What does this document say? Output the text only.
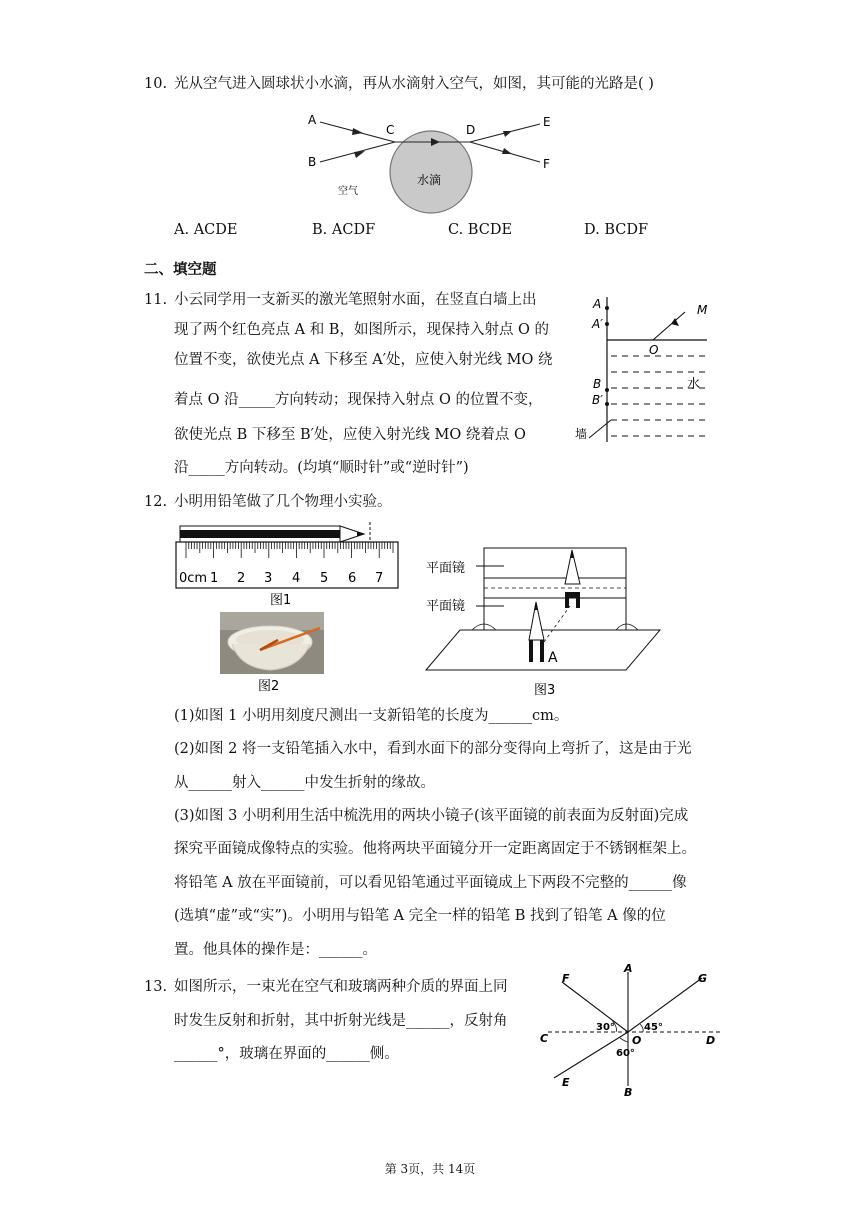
10. 光从空气进入圆球状小水滴，再从水滴射入空气，如图，其可能的光路是( )
A
B
C	D
E
F
空气
水滴
A. ACDE	B. ACDF	C. BCDE	D. BCDF
二、填空题
11. 小云同学用一支新买的激光笔照射水面，在竖直白墙上出
现了两个红色亮点 A 和 B，如图所示，现保持入射点 O 的
位置不变，欲使光点 A 下移至 A′处，应使入射光线 MO 绕
着点 O 沿_____方向转动；现保持入射点 O 的位置不变，
欲使光点 B 下移至 B′处，应使入射光线 MO 绕着点 O
沿_____方向转动。(均填“顺时针”或“逆时针”)
A
A′
B
B′
M
O
水
墙
12. 小明用铅笔做了几个物理小实验。
0cm 1 2 3 4 5 6 7
图1
图2
平面镜
平面镜
A
图3
(1)如图 1 小明用刻度尺测出一支新铅笔的长度为______cm。
(2)如图 2 将一支铅笔插入水中，看到水面下的部分变得向上弯折了，这是由于光
从______射入______中发生折射的缘故。
(3)如图 3 小明利用生活中梳洗用的两块小镜子(该平面镜的前表面为反射面)完成
探究平面镜成像特点的实验。他将两块平面镜分开一定距离固定于不锈钢框架上。
将铅笔 A 放在平面镜前，可以看见铅笔通过平面镜成上下两段不完整的______像
(选填“虚”或“实”)。小明用与铅笔 A 完全一样的铅笔 B 找到了铅笔 A 像的位
置。他具体的操作是：______。
13. 如图所示，一束光在空气和玻璃两种介质的界面上同
时发生反射和折射，其中折射光线是______，反射角
______°，玻璃在界面的______侧。
A
B
C	D
E
F	G
O
30°	45°
60°
第 3页，共 14页
